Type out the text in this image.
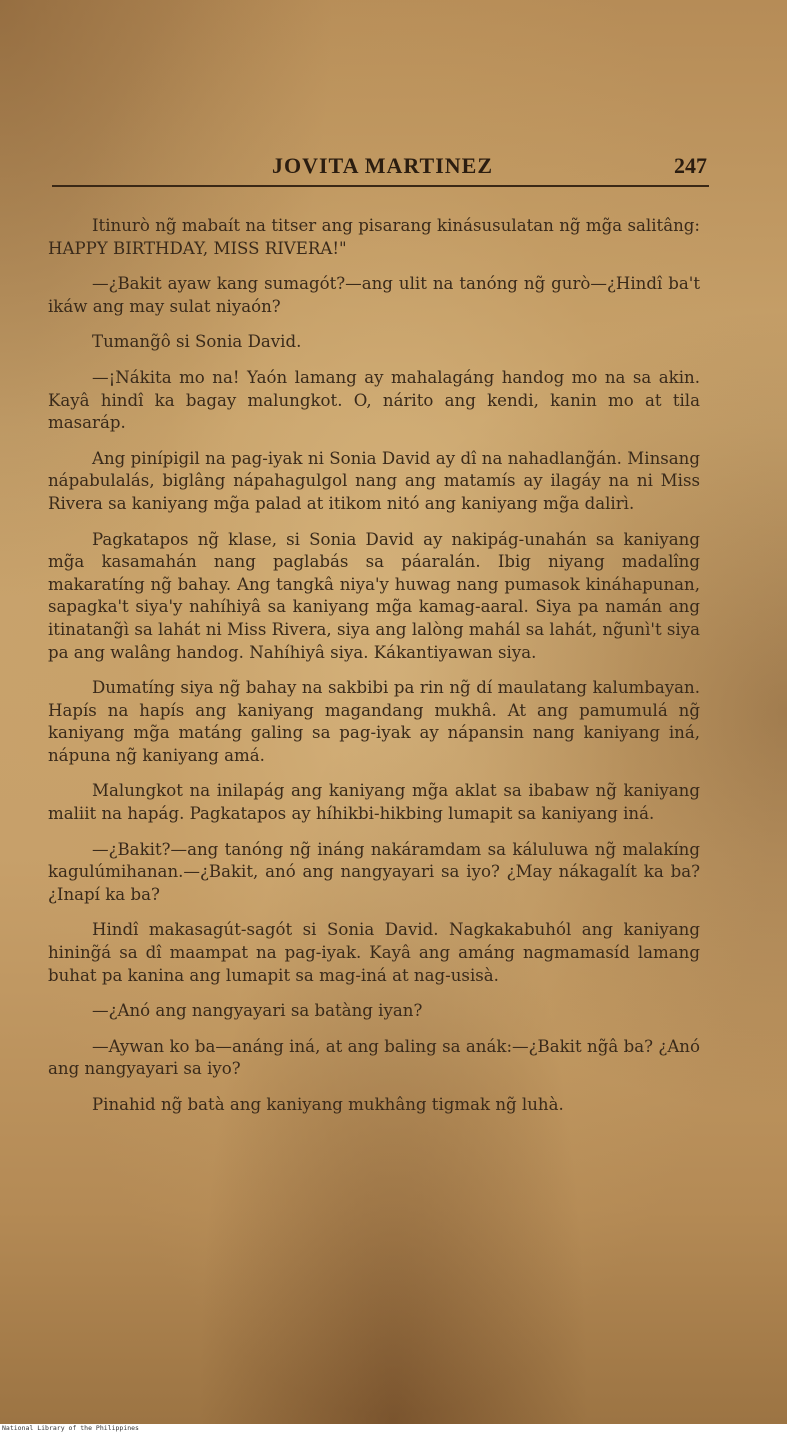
JOVITA MARTINEZ	247

Itinurò ng̃ mabaít na titser ang pisarang kinásusulatan ng̃ mg̃a salitâng: HAPPY BIRTHDAY, MISS RIVERA!"

—¿Bakit ayaw kang sumagót?—ang ulit na tanóng ng̃ gurò—¿Hindî ba't ikáw ang may sulat niyaón?

Tumang̃ô si Sonia David.

—¡Nákita mo na! Yaón lamang ay mahalagáng handog mo na sa akin. Kayâ hindî ka bagay malungkot. O, nárito ang kendi, kanin mo at tila masaráp.

Ang pinípigil na pag-iyak ni Sonia David ay dî na nahadlang̃án. Minsang nápabulalás, biglâng nápahagulgol nang ang matamís ay ilagáy na ni Miss Rivera sa kaniyang mg̃a palad at itikom nitó ang kaniyang mg̃a dalirì.

Pagkatapos ng̃ klase, si Sonia David ay nakipág-unahán sa kaniyang mg̃a kasamahán nang paglabás sa páaralán. Ibig niyang madalîng makaratíng ng̃ bahay. Ang tangkâ niya'y huwag nang pumasok kináhapunan, sapagka't siya'y nahíhiyâ sa kaniyang mg̃a kamag-aaral. Siya pa namán ang itinatang̃ì sa lahát ni Miss Rivera, siya ang lalòng mahál sa lahát, ng̃unì't siya pa ang walâng handog. Nahíhiyâ siya. Kákantiyawan siya.

Dumatíng siya ng̃ bahay na sakbibi pa rin ng̃ dí maulatang kalumbayan. Hapís na hapís ang kaniyang magandang mukhâ. At ang pamumulá ng̃ kaniyang mg̃a matáng galing sa pag-iyak ay nápansin nang kaniyang iná, nápuna ng̃ kaniyang amá.

Malungkot na inilapág ang kaniyang mg̃a aklat sa ibabaw ng̃ kaniyang maliit na hapág. Pagkatapos ay híhikbi-hikbing lumapit sa kaniyang iná.

—¿Bakit?—ang tanóng ng̃ ináng nakáramdam sa káluluwa ng̃ malakíng kagulúmihanan.—¿Bakit, anó ang nangyayari sa iyo? ¿May nákagalít ka ba? ¿Inapí ka ba?

Hindî makasagút-sagót si Sonia David. Nagkakabuhól ang kaniyang hining̃á sa dî maampat na pag-iyak. Kayâ ang amáng nagmamasíd lamang buhat pa kanina ang lumapit sa mag-iná at nag-usisà.

—¿Anó ang nangyayari sa batàng iyan?

—Aywan ko ba—anáng iná, at ang baling sa anák:—¿Bakit ng̃â ba? ¿Anó ang nangyayari sa iyo?

Pinahid ng̃ batà ang kaniyang mukhâng tigmak ng̃ luhà.

National Library of the Philippines
